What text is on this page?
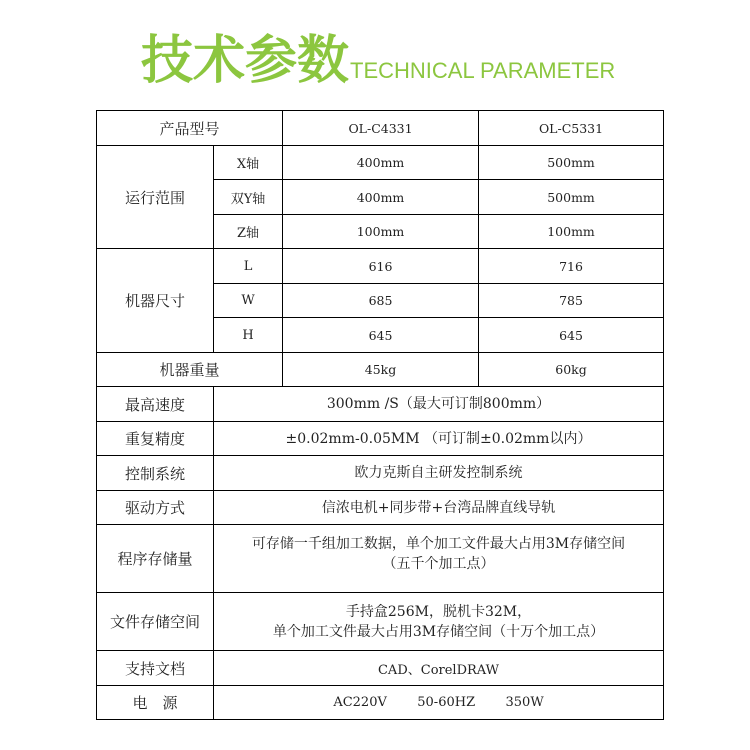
技术参数TECHNICAL PARAMETER
产品型号		OL-C4331	OL-C5331
运行范围	X轴	400mm	500mm
	双Y轴	400mm	500mm
	Z轴	100mm	100mm
机器尺寸	L	616	716
	W	685	785
	H	645	645
机器重量		45kg	60kg
最高速度	300mm /S（最大可订制800mm）		
重复精度	±0.02mm-0.05MM （可订制±0.02mm以内）		
控制系统	欧力克斯自主研发控制系统		
驱动方式	信浓电机+同步带+台湾品牌直线导轨		
程序存储量	可存储一千组加工数据，单个加工文件最大占用3M存储空间
（五千个加工点）		

文件存储空间	手持盒256M，脱机卡32M，
单个加工文件最大占用3M存储空间（十万个加工点）		

支持文档	CAD、CorelDRAW		
电　源	AC220V   50-60HZ   350W		
